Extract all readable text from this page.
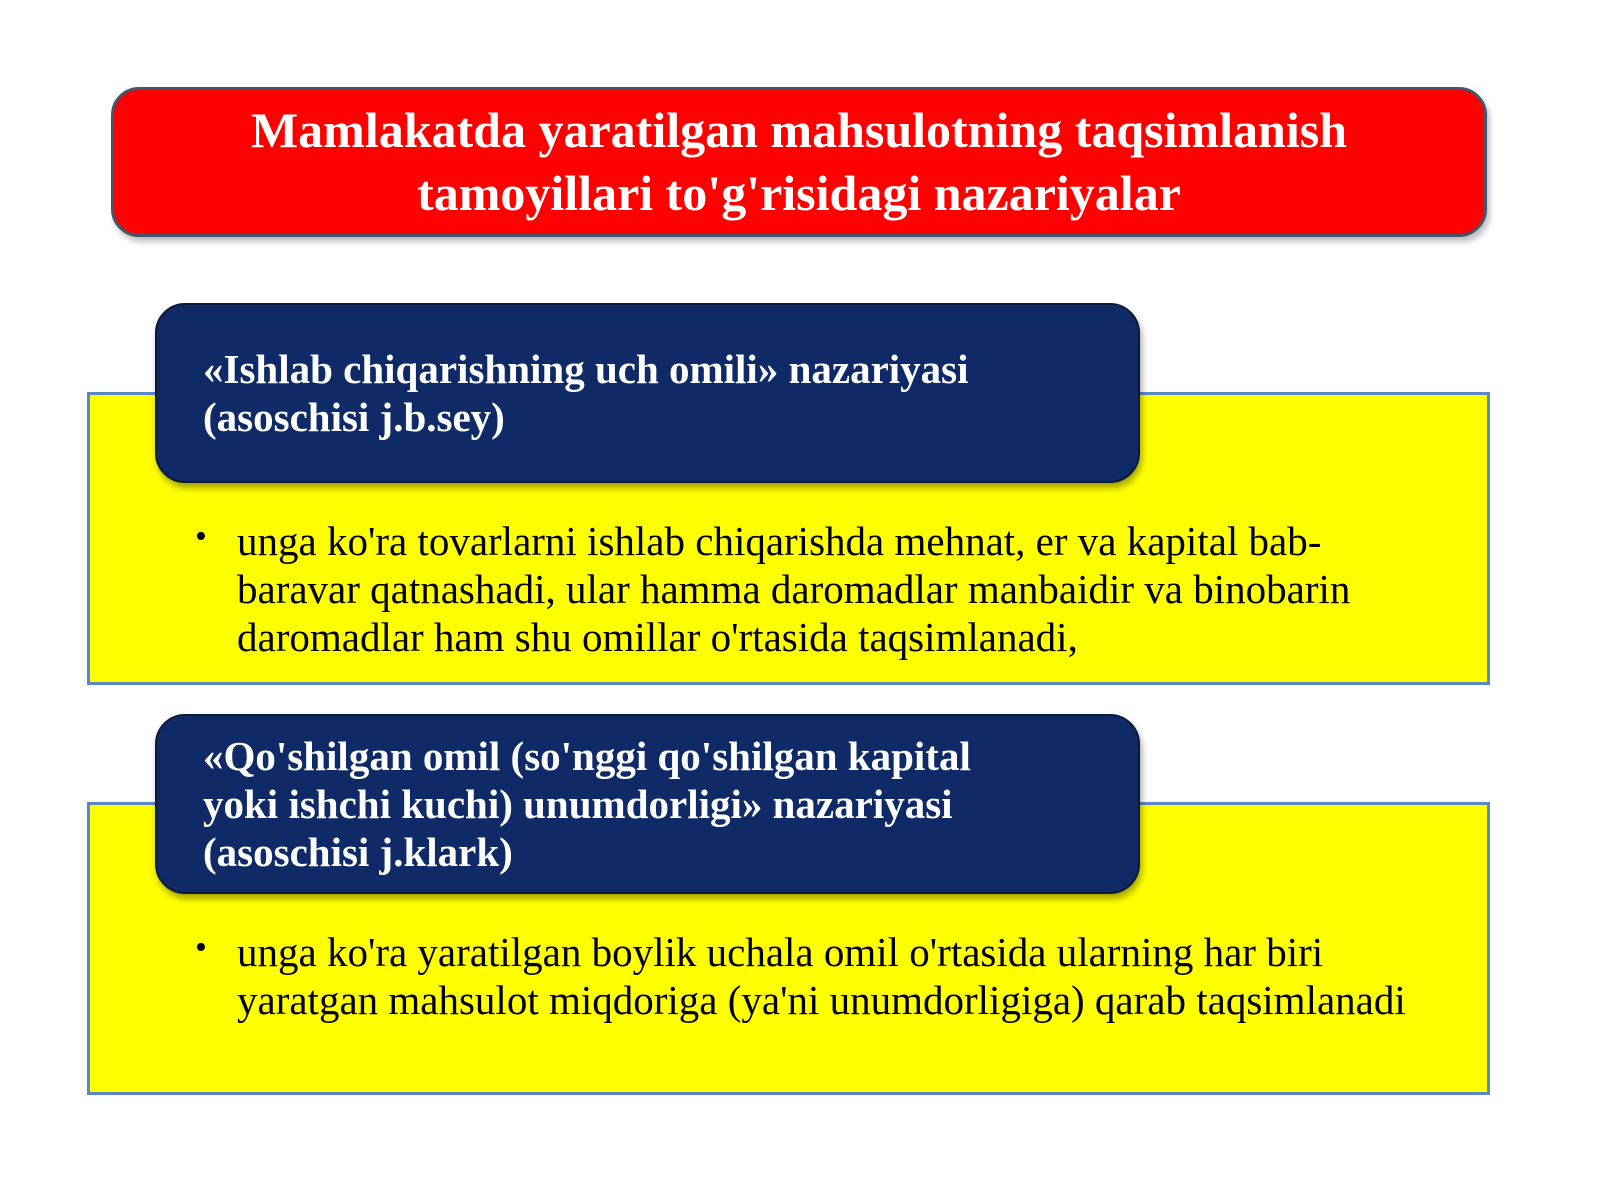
Mamlakatda yaratilgan mahsulotning taqsimlanish
tamoyillari to'g'risidagi nazariyalar
«Ishlab chiqarishning uch omili» nazariyasi
(asoschisi j.b.sey)
• unga ko'ra tovarlarni ishlab chiqarishda mehnat, er va kapital bab-baravar qatnashadi, ular hamma daromadlar manbaidir va binobarin daromadlar ham shu omillar o'rtasida taqsimlanadi,
«Qo'shilgan omil (so'nggi qo'shilgan kapital
yoki ishchi kuchi) unumdorligi» nazariyasi
(asoschisi j.klark)
• unga ko'ra yaratilgan boylik uchala omil o'rtasida ularning har biri yaratgan mahsulot miqdoriga (ya'ni unumdorligiga) qarab taqsimlanadi
